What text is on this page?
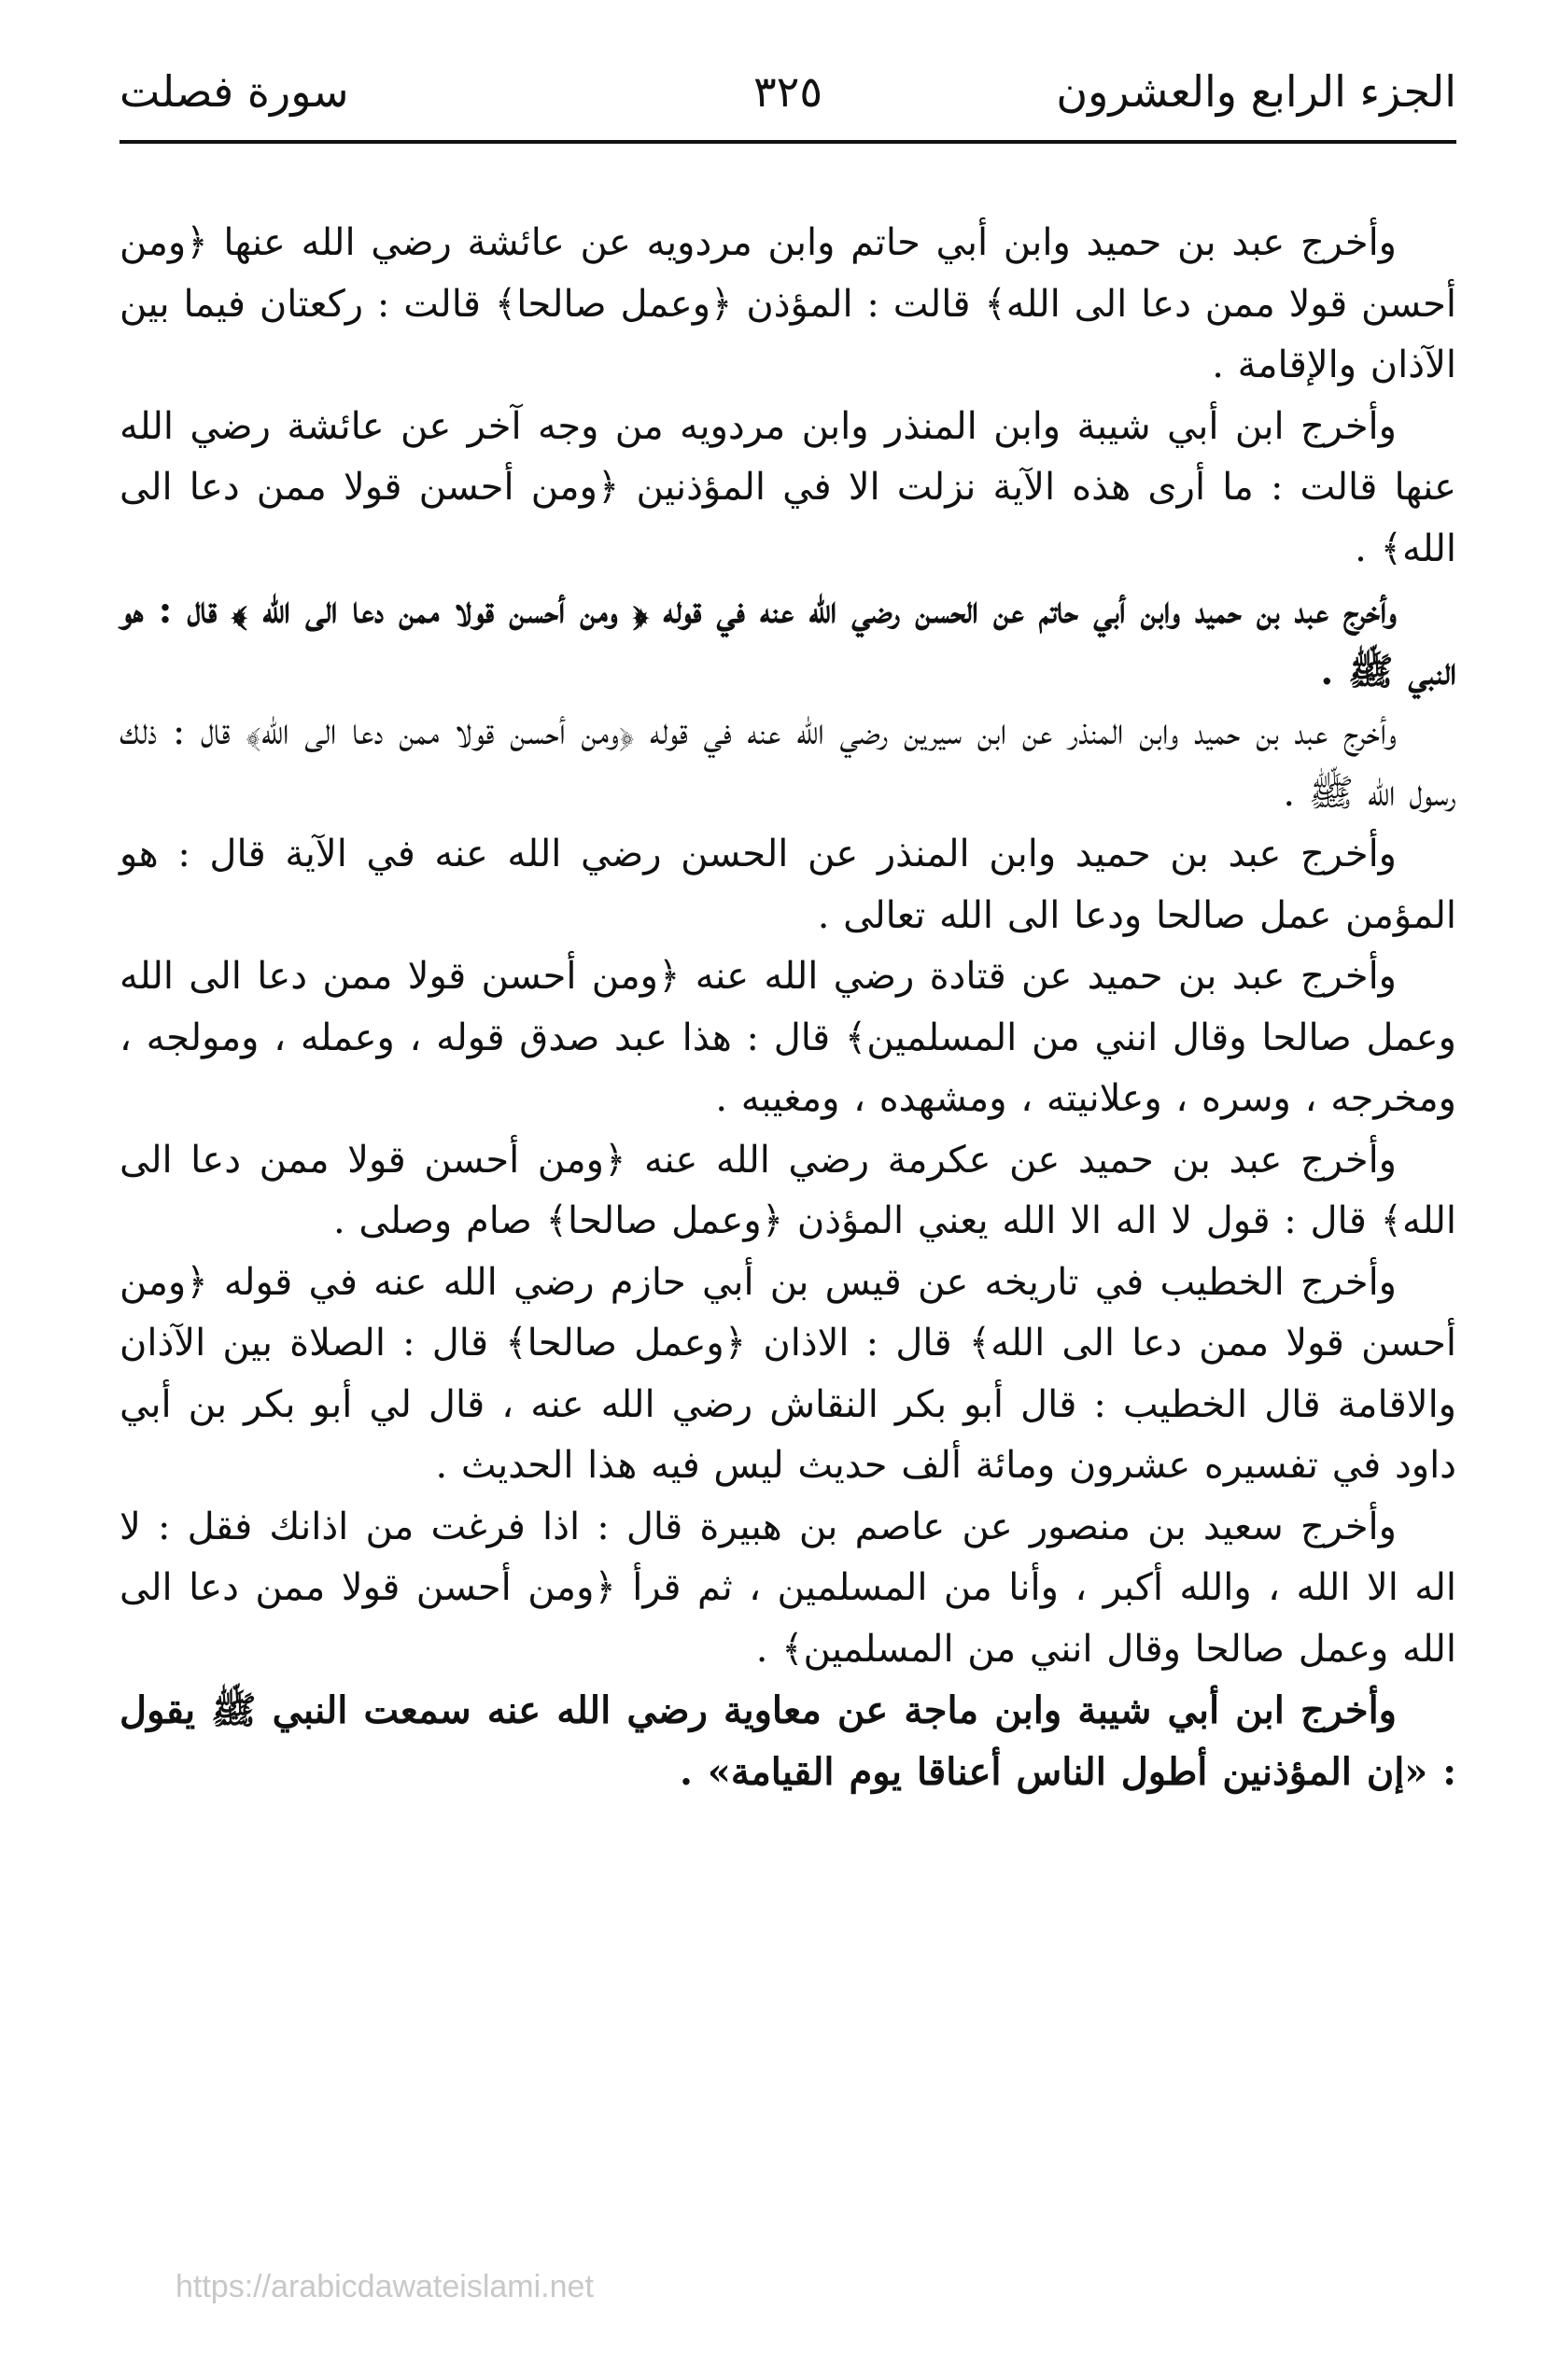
الجزء الرابع والعشرون
٣٢٥
سورة فصلت

وأخرج عبد بن حميد وابن أبي حاتم وابن مردويه عن عائشة رضي الله عنها ﴿ومن أحسن قولا ممن دعا الى الله﴾ قالت : المؤذن ﴿وعمل صالحا﴾ قالت : ركعتان فيما بين الآذان والإقامة .

وأخرج ابن أبي شيبة وابن المنذر وابن مردويه من وجه آخر عن عائشة رضي الله عنها قالت : ما أرى هذه الآية نزلت الا في المؤذنين ﴿ومن أحسن قولا ممن دعا الى الله﴾ .

وأخرج عبد بن حميد وابن أبي حاتم عن الحسن رضي الله عنه في قوله ﴿ ومن أحسن قولا ممن دعا الى الله ﴾ قال : هو النبي ﷺ .

وأخرج عبد بن حميد وابن المنذر عن ابن سيرين رضي الله عنه في قوله ﴿ومن أحسن قولا ممن دعا الى الله﴾ قال : ذلك رسول الله ﷺ .

وأخرج عبد بن حميد وابن المنذر عن الحسن رضي الله عنه في الآية قال : هو المؤمن عمل صالحا ودعا الى الله تعالى .

وأخرج عبد بن حميد عن قتادة رضي الله عنه ﴿ومن أحسن قولا ممن دعا الى الله وعمل صالحا وقال انني من المسلمين﴾ قال : هذا عبد صدق قوله ، وعمله ، ومولجه ، ومخرجه ، وسره ، وعلانيته ، ومشهده ، ومغيبه .

وأخرج عبد بن حميد عن عكرمة رضي الله عنه ﴿ومن أحسن قولا ممن دعا الى الله﴾ قال : قول لا اله الا الله يعني المؤذن ﴿وعمل صالحا﴾ صام وصلى .

وأخرج الخطيب في تاريخه عن قيس بن أبي حازم رضي الله عنه في قوله ﴿ومن أحسن قولا ممن دعا الى الله﴾ قال : الاذان ﴿وعمل صالحا﴾ قال : الصلاة بين الآذان والاقامة قال الخطيب : قال أبو بكر النقاش رضي الله عنه ، قال لي أبو بكر بن أبي داود في تفسيره عشرون ومائة ألف حديث ليس فيه هذا الحديث .

وأخرج سعيد بن منصور عن عاصم بن هبيرة قال : اذا فرغت من اذانك فقل : لا اله الا الله ، والله أكبر ، وأنا من المسلمين ، ثم قرأ ﴿ومن أحسن قولا ممن دعا الى الله وعمل صالحا وقال انني من المسلمين﴾ .

وأخرج ابن أبي شيبة وابن ماجة عن معاوية رضي الله عنه سمعت النبي ﷺ يقول : «إن المؤذنين أطول الناس أعناقا يوم القيامة» .

https://arabicdawateislami.net
